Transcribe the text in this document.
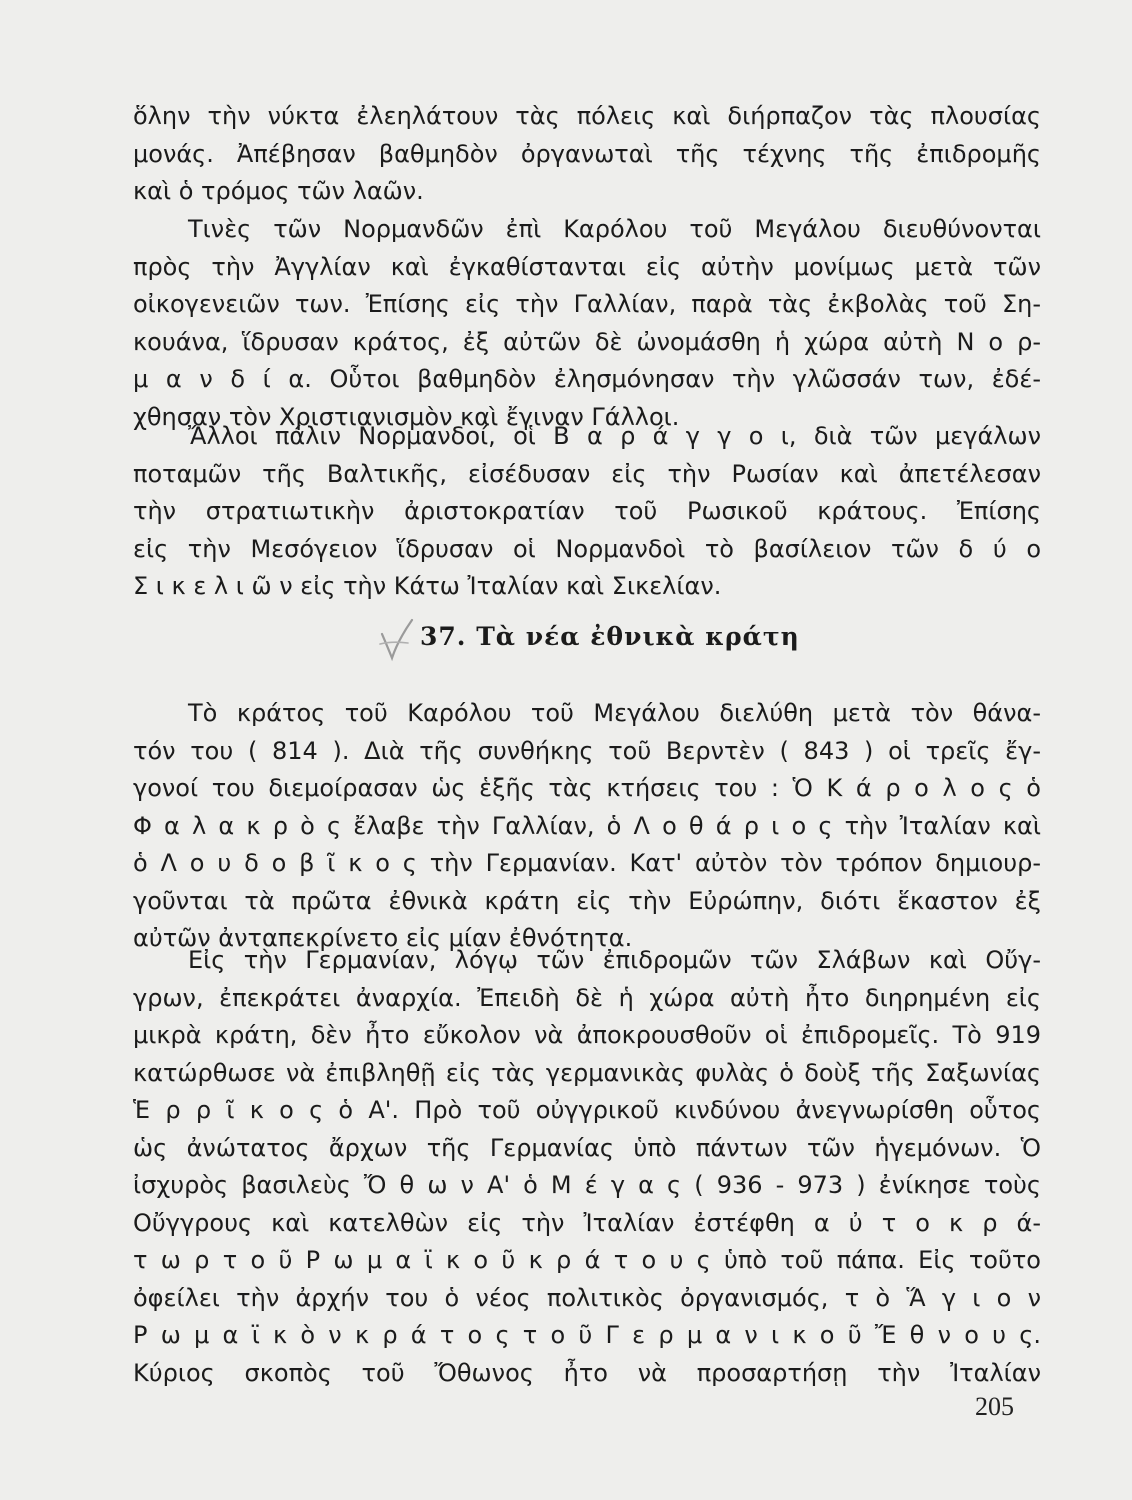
ὅλην τὴν νύκτα ἐλεηλάτουν τὰς πόλεις καὶ διήρπαζον τὰς πλουσίας
μονάς. Ἀπέβησαν βαθμηδὸν ὀργανωταὶ τῆς τέχνης τῆς ἐπιδρομῆς
καὶ ὁ τρόμος τῶν λαῶν.
Τινὲς τῶν Νορμανδῶν ἐπὶ Καρόλου τοῦ Μεγάλου διευθύνονται
πρὸς τὴν Ἀγγλίαν καὶ ἐγκαθίστανται εἰς αὐτὴν μονίμως μετὰ τῶν
οἰκογενειῶν των. Ἐπίσης εἰς τὴν Γαλλίαν, παρὰ τὰς ἐκβολὰς τοῦ Ση-
κουάνα, ἵδρυσαν κράτος, ἐξ αὐτῶν δὲ ὠνομάσθη ἡ χώρα αὐτὴ Ν ο ρ-
μ α ν δ ί α. Οὗτοι βαθμηδὸν ἐλησμόνησαν τὴν γλῶσσάν των, ἐδέ-
χθησαν τὸν Χριστιανισμὸν καὶ ἔγιναν Γάλλοι.
Ἄλλοι πάλιν Νορμανδοί, οἱ Β α ρ ά γ γ ο ι, διὰ τῶν μεγάλων
ποταμῶν τῆς Βαλτικῆς, εἰσέδυσαν εἰς τὴν Ρωσίαν καὶ ἀπετέλεσαν
τὴν στρατιωτικὴν ἀριστοκρατίαν τοῦ Ρωσικοῦ κράτους. Ἐπίσης
εἰς τὴν Μεσόγειον ἵδρυσαν οἱ Νορμανδοὶ τὸ βασίλειον τῶν δ ύ ο
Σ ι κ ε λ ι ῶ ν εἰς τὴν Κάτω Ἰταλίαν καὶ Σικελίαν.
37. Τὰ νέα ἐθνικὰ κράτη
Τὸ κράτος τοῦ Καρόλου τοῦ Μεγάλου διελύθη μετὰ τὸν θάνα-
τόν του ( 814 ). Διὰ τῆς συνθήκης τοῦ Βερντὲν ( 843 ) οἱ τρεῖς ἔγ-
γονοί του διεμοίρασαν ὡς ἑξῆς τὰς κτήσεις του : Ὁ Κ ά ρ ο λ ο ς ὁ
Φ α λ α κ ρ ὸ ς ἔλαβε τὴν Γαλλίαν, ὁ Λ ο θ ά ρ ι ο ς τὴν Ἰταλίαν καὶ
ὁ Λ ο υ δ ο β ῖ κ ο ς τὴν Γερμανίαν. Κατ' αὐτὸν τὸν τρόπον δημιουρ-
γοῦνται τὰ πρῶτα ἐθνικὰ κράτη εἰς τὴν Εὐρώπην, διότι ἕκαστον ἐξ
αὐτῶν ἀνταπεκρίνετο εἰς μίαν ἐθνότητα.
Εἰς τὴν Γερμανίαν, λόγῳ τῶν ἐπιδρομῶν τῶν Σλάβων καὶ Οὔγ-
γρων, ἐπεκράτει ἀναρχία. Ἐπειδὴ δὲ ἡ χώρα αὐτὴ ἦτο διηρημένη εἰς
μικρὰ κράτη, δὲν ἦτο εὔκολον νὰ ἀποκρουσθοῦν οἱ ἐπιδρομεῖς. Τὸ 919
κατώρθωσε νὰ ἐπιβληθῇ εἰς τὰς γερμανικὰς φυλὰς ὁ δοὺξ τῆς Σαξωνίας
Ἑ ρ ρ ῖ κ ο ς ὁ Α'. Πρὸ τοῦ οὐγγρικοῦ κινδύνου ἀνεγνωρίσθη οὗτος
ὡς ἀνώτατος ἄρχων τῆς Γερμανίας ὑπὸ πάντων τῶν ἡγεμόνων. Ὁ
ἰσχυρὸς βασιλεὺς Ὄ θ ω ν Α' ὁ Μ έ γ α ς ( 936 - 973 ) ἐνίκησε τοὺς
Οὔγγρους καὶ κατελθὼν εἰς τὴν Ἰταλίαν ἐστέφθη α ὐ τ ο κ ρ ά-
τ ω ρ τ ο ῦ Ρ ω μ α ϊ κ ο ῦ κ ρ ά τ ο υ ς ὑπὸ τοῦ πάπα. Εἰς τοῦτο
ὀφείλει τὴν ἀρχήν του ὁ νέος πολιτικὸς ὀργανισμός, τ ὸ Ἅ γ ι ο ν
Ρ ω μ α ϊ κ ὸ ν κ ρ ά τ ο ς τ ο ῦ Γ ε ρ μ α ν ι κ ο ῦ Ἔ θ ν ο υ ς.
Κύριος σκοπὸς τοῦ Ὄθωνος ἦτο νὰ προσαρτήσῃ τὴν Ἰταλίαν
205
